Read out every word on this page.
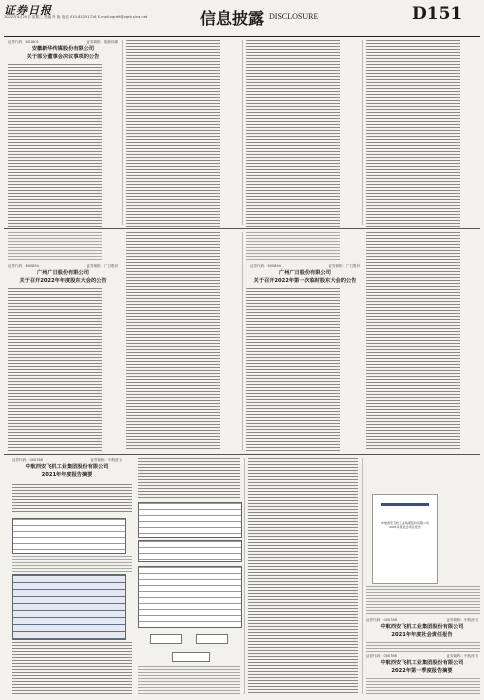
证券日报
2022年4月20日 星期三 责编 肖 艳 电话 010-83251716 E-mail:zqrb9@zqrb.sina.net	信息披露 DISCLOSURE	D151
证券代码：601801	证券简称：皖新传媒
安徽新华传媒股份有限公司
关于部分董事会决议事项的公告
证券代码：600894	证券简称：广日股份
广州广日股份有限公司
关于召开2022年年度股东大会的公告
证券代码：600894	证券简称：广日股份
广州广日股份有限公司
关于召开2022年第一次临时股东大会的公告
证券代码：000768	证券简称：中航西飞
中航西安飞机工业集团股份有限公司
2021年年度报告摘要
中航西安飞机工业集团股份有限公司 2021年度社会责任报告
证券代码：000768	证券简称：中航西飞
中航西安飞机工业集团股份有限公司
2021年年度社会责任报告
证券代码：000768	证券简称：中航西飞
中航西安飞机工业集团股份有限公司
2022年第一季度报告摘要
